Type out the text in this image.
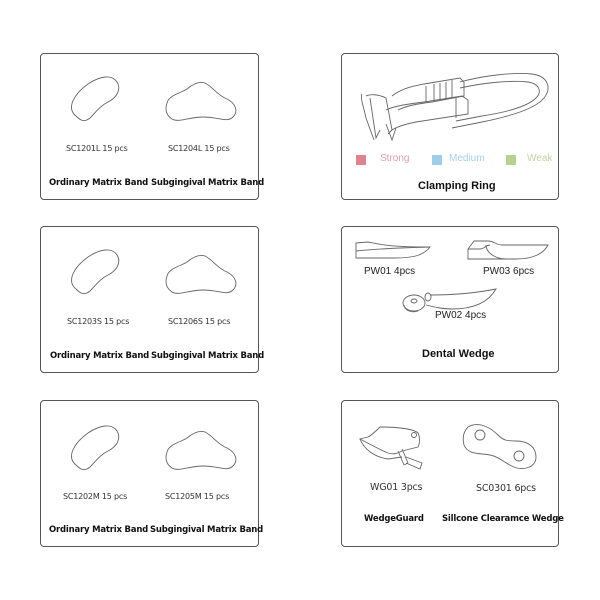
SC1201L 15 pcs	SC1204L 15 pcs
Ordinary Matrix Band Subgingival Matrix Band
SC1203S 15 pcs	SC1206S 15 pcs
Ordinary Matrix Band Subgingival Matrix Band
SC1202M 15 pcs	SC1205M 15 pcs
Ordinary Matrix Band Subgingival Matrix Band
Strong	Medium	Weak
Clamping Ring
PW01 4pcs	PW03 6pcs
PW02 4pcs
Dental Wedge
WG01 3pcs	SC0301 6pcs
WedgeGuard Sillcone Clearamce Wedge
